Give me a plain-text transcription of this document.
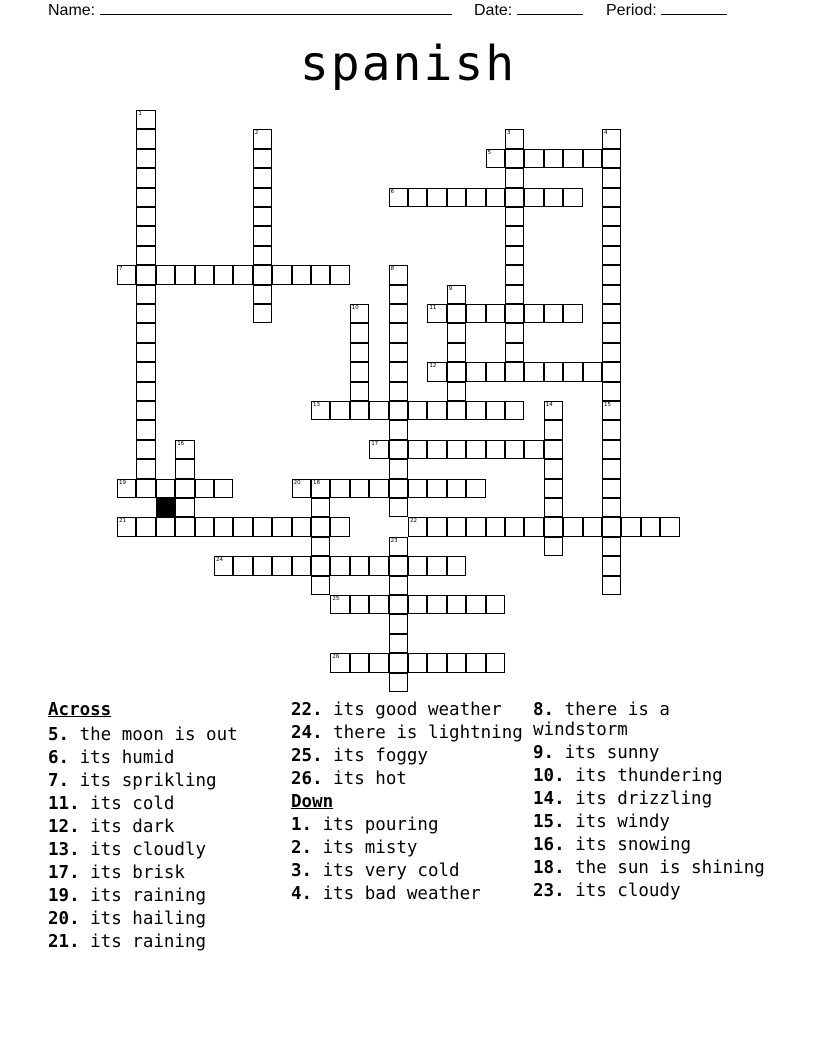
Name:	Date:	Period:
spanish
1
2	3	4
5
6
7	8
9
10	11
12
13	14	15
16	17
18
19	20
21	22
23
24
25
26
Across
5. the moon is out
6. its humid
7. its sprikling
11. its cold
12. its dark
13. its cloudly
17. its brisk
19. its raining
20. its hailing
21. its raining
22. its good weather
24. there is lightning
25. its foggy
26. its hot
Down
1. its pouring
2. its misty
3. its very cold
4. its bad weather
8. there is a windstorm
9. its sunny
10. its thundering
14. its drizzling
15. its windy
16. its snowing
18. the sun is shining
23. its cloudy
